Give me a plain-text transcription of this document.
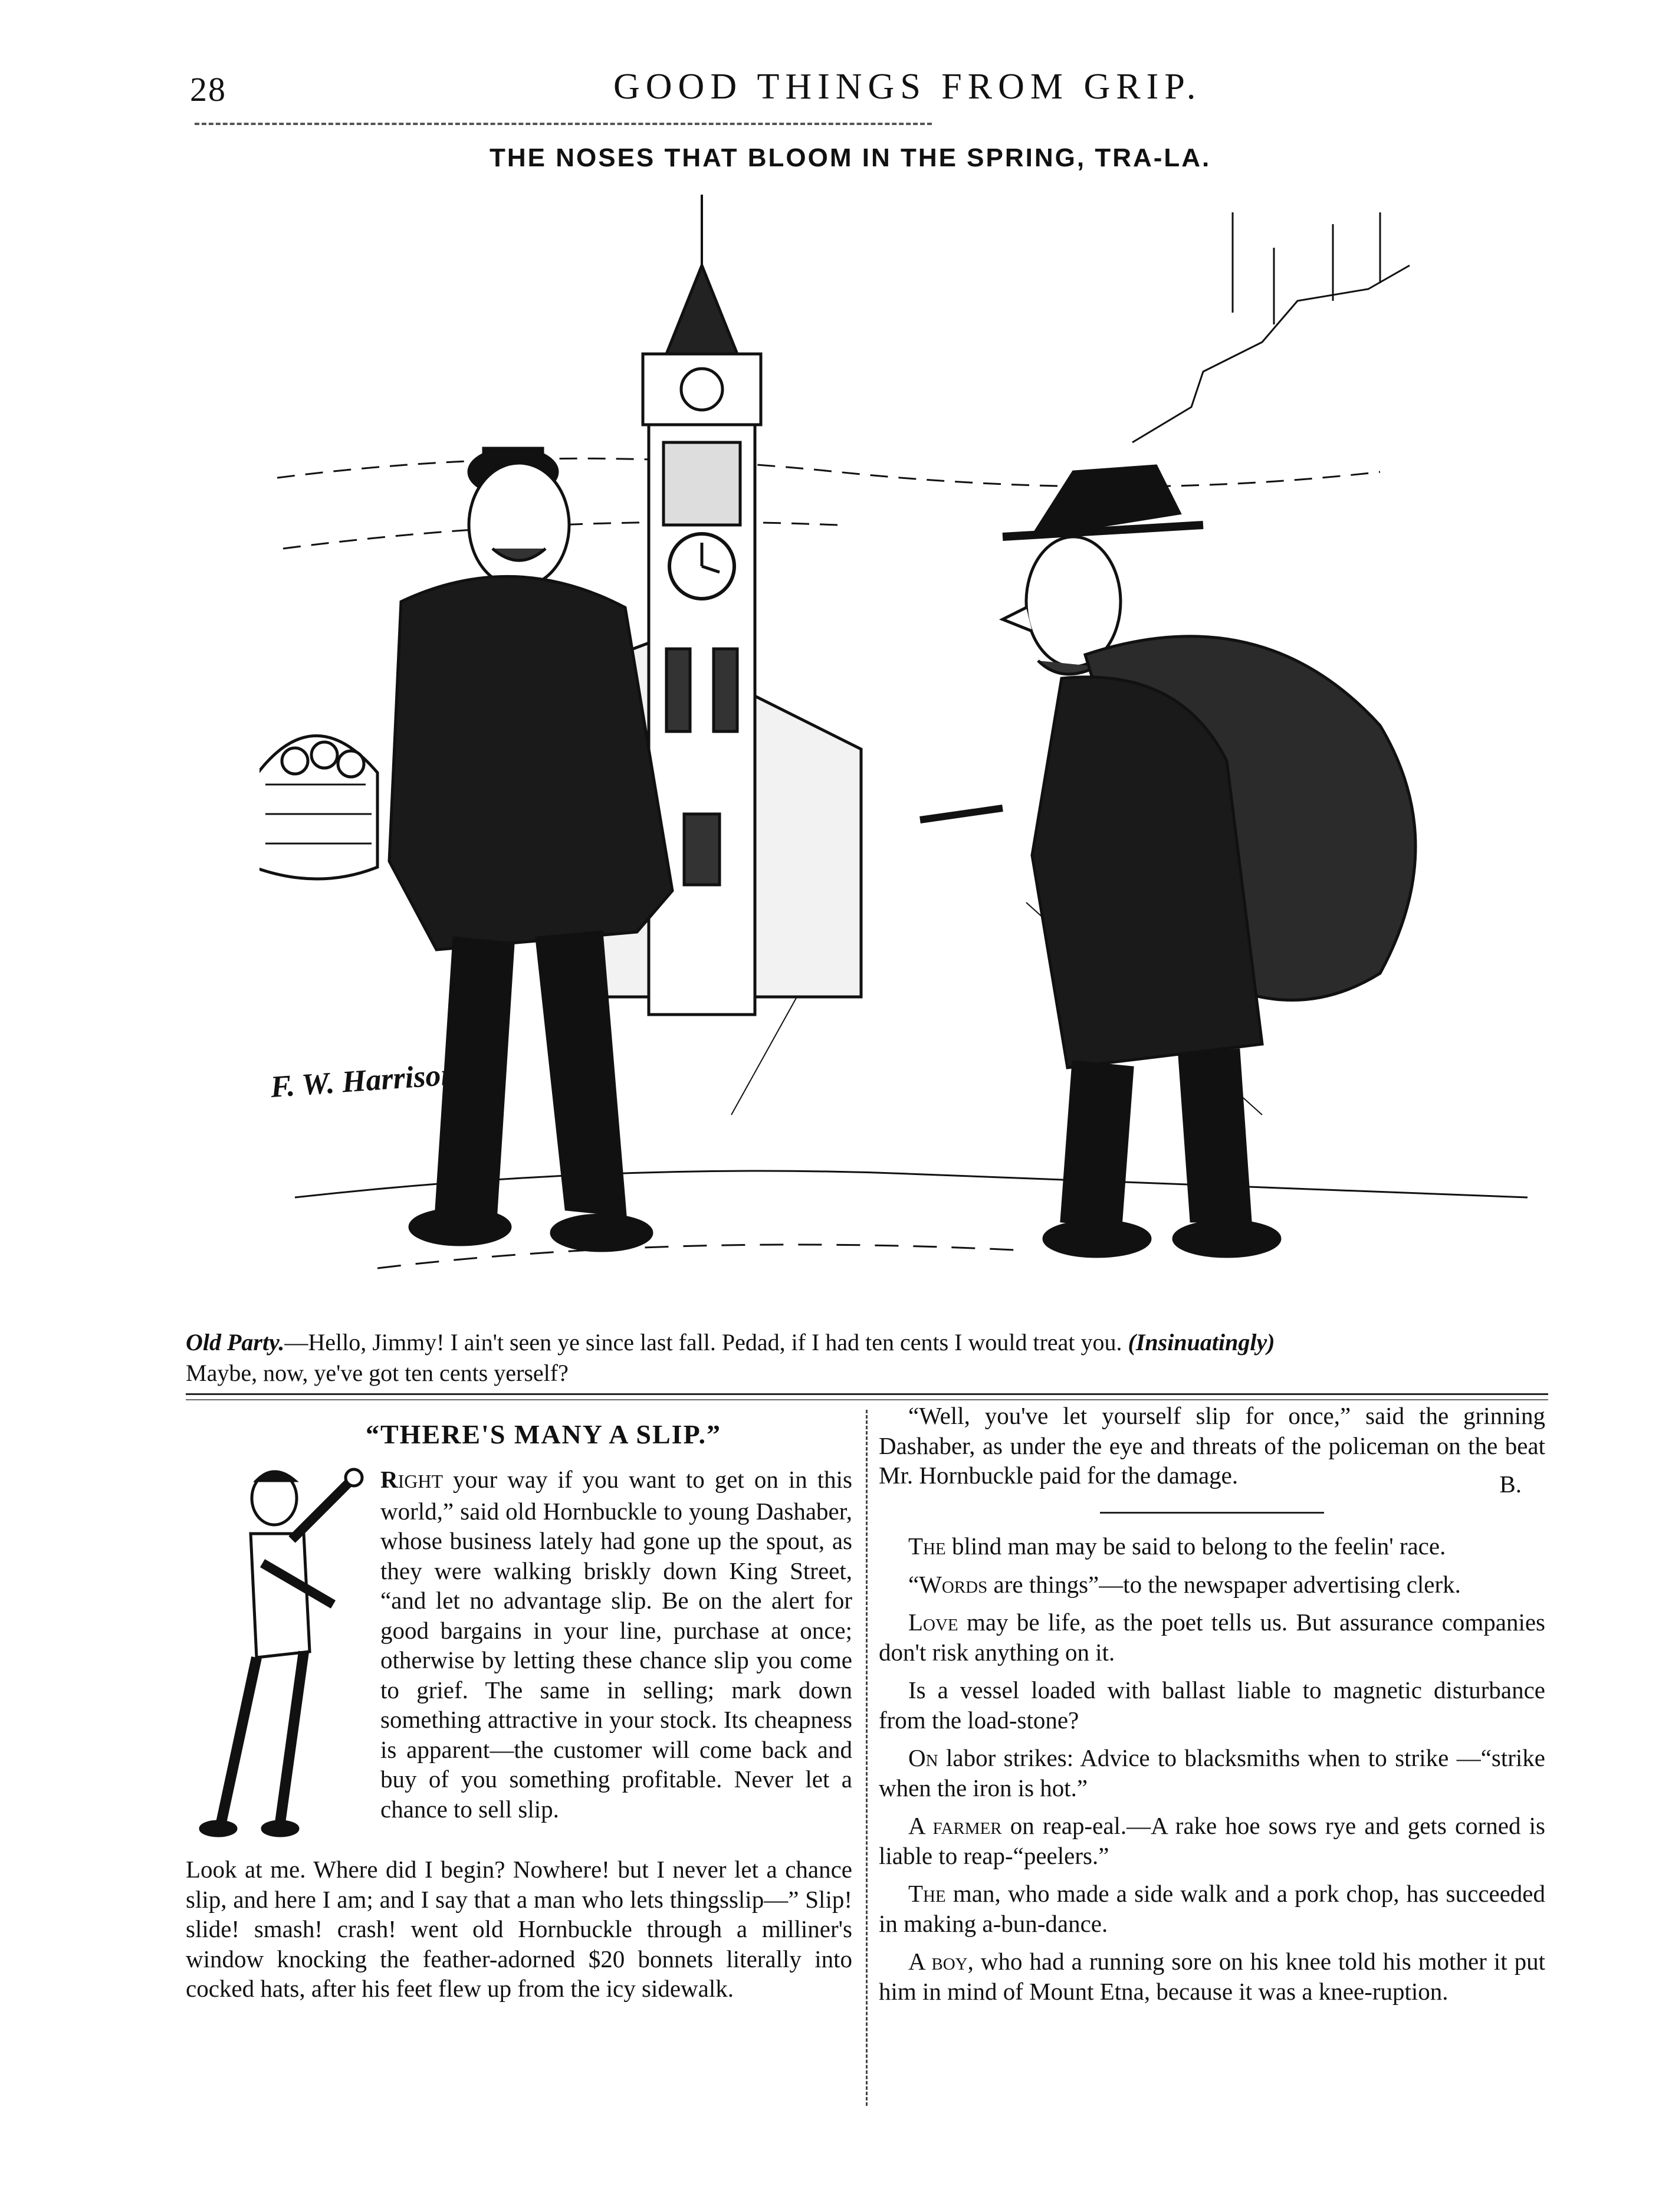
28	GOOD THINGS FROM GRIP.
THE NOSES THAT BLOOM IN THE SPRING, TRA-LA.
F. W. Harrison
Old Party.—Hello, Jimmy! I ain't seen ye since last fall. Pedad, if I had ten cents I would treat you. (Insinuatingly)
Maybe, now, ye've got ten cents yerself?
“THERE'S MANY A SLIP.”
RIGHT your way if you want to get on in this world,” said old Hornbuckle to young Dashaber, whose business lately had gone up the spout, as they were walking briskly down King Street, “and let no advantage slip. Be on the alert for good bargains in your line, purchase at once; otherwise by letting these chance slip you come to grief. The same in selling; mark down something attractive in your stock. Its cheapness is apparent—the customer will come back and buy of you something profitable. Never let a chance to sell slip.
Look at me. Where did I begin? Nowhere! but I never let a chance slip, and here I am; and I say that a man who lets thingsslip—” Slip! slide! smash! crash! went old Hornbuckle through a milliner's window knocking the feather-adorned $20 bonnets literally into cocked hats, after his feet flew up from the icy sidewalk.

“Well, you've let yourself slip for once,” said the grinning Dashaber, as under the eye and threats of the policeman on the beat Mr. Hornbuckle paid for the damage.	B.

The blind man may be said to belong to the feelin' race.

“Words are things”—to the newspaper advertising clerk.

Love may be life, as the poet tells us. But assurance companies don't risk anything on it.

Is a vessel loaded with ballast liable to magnetic disturbance from the load-stone?

On labor strikes: Advice to blacksmiths when to strike —“strike when the iron is hot.”

A farmer on reap-eal.—A rake hoe sows rye and gets corned is liable to reap-“peelers.”

The man, who made a side walk and a pork chop, has succeeded in making a-bun-dance.

A boy, who had a running sore on his knee told his mother it put him in mind of Mount Etna, because it was a knee-ruption.
